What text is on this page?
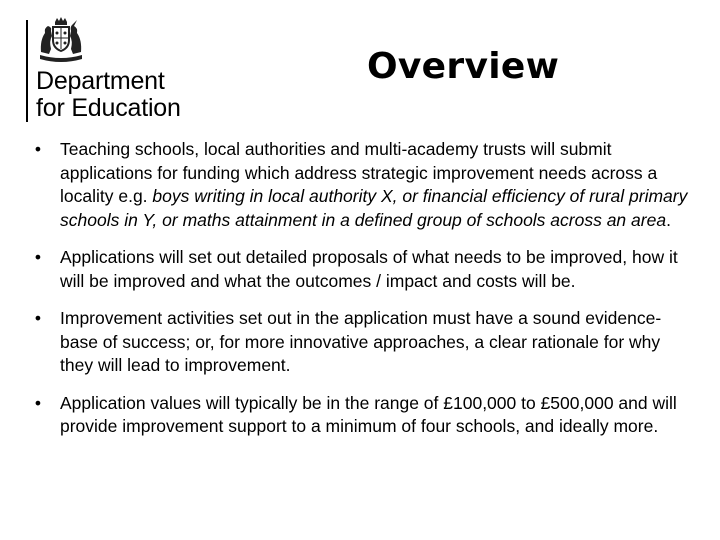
Department
for Education
Overview
• Teaching schools, local authorities and multi-academy trusts will submit applications for funding which address strategic improvement needs across a locality e.g. boys writing in local authority X, or financial efficiency of rural primary schools in Y, or maths attainment in a defined group of schools across an area.
• Applications will set out detailed proposals of what needs to be improved, how it will be improved and what the outcomes / impact and costs will be.
• Improvement activities set out in the application must have a sound evidence-base of success; or, for more innovative approaches, a clear rationale for why they will lead to improvement.
• Application values will typically be in the range of £100,000 to £500,000 and will provide improvement support to a minimum of four schools, and ideally more.
